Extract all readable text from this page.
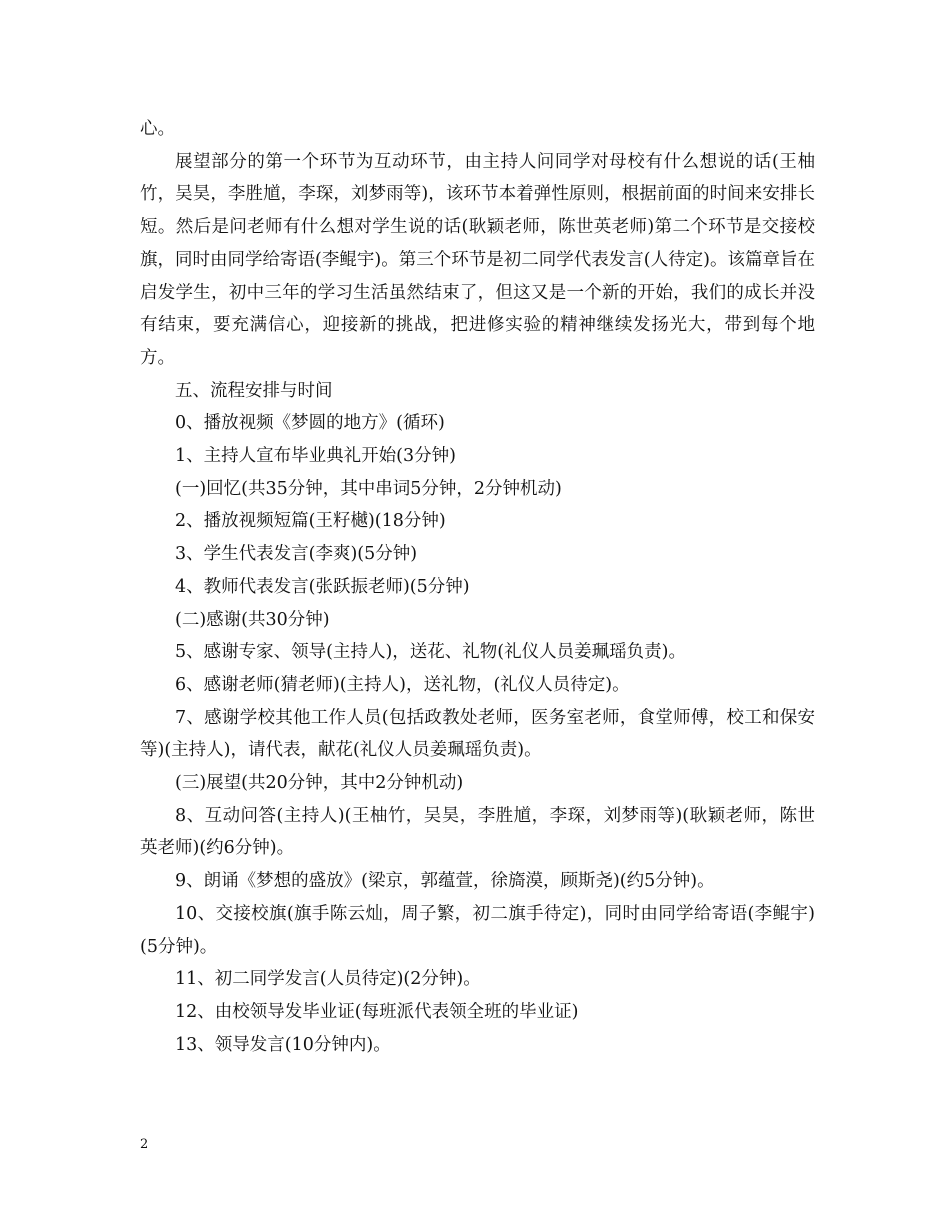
心。

展望部分的第一个环节为互动环节，由主持人问同学对母校有什么想说的话(王柚竹，吴昊，李胜馗，李琛，刘梦雨等)，该环节本着弹性原则，根据前面的时间来安排长短。然后是问老师有什么想对学生说的话(耿颖老师，陈世英老师)第二个环节是交接校旗，同时由同学给寄语(李鲲宇)。第三个环节是初二同学代表发言(人待定)。该篇章旨在启发学生，初中三年的学习生活虽然结束了，但这又是一个新的开始，我们的成长并没有结束，要充满信心，迎接新的挑战，把进修实验的精神继续发扬光大，带到每个地方。

五、流程安排与时间

0、播放视频《梦圆的地方》(循环)

1、主持人宣布毕业典礼开始(3分钟)

(一)回忆(共35分钟，其中串词5分钟，2分钟机动)

2、播放视频短篇(王籽樾)(18分钟)

3、学生代表发言(李爽)(5分钟)

4、教师代表发言(张跃振老师)(5分钟)

(二)感谢(共30分钟)

5、感谢专家、领导(主持人)，送花、礼物(礼仪人员姜珮瑶负责)。

6、感谢老师(猜老师)(主持人)，送礼物，(礼仪人员待定)。

7、感谢学校其他工作人员(包括政教处老师，医务室老师，食堂师傅，校工和保安等)(主持人)，请代表，献花(礼仪人员姜珮瑶负责)。

(三)展望(共20分钟，其中2分钟机动)

8、互动问答(主持人)(王柚竹，吴昊，李胜馗，李琛，刘梦雨等)(耿颖老师，陈世英老师)(约6分钟)。

9、朗诵《梦想的盛放》(梁京，郭蕴萱，徐旖漠，顾斯尧)(约5分钟)。

10、交接校旗(旗手陈云灿，周子繁，初二旗手待定)，同时由同学给寄语(李鲲宇)(5分钟)。

11、初二同学发言(人员待定)(2分钟)。

12、由校领导发毕业证(每班派代表领全班的毕业证)

13、领导发言(10分钟内)。

2
